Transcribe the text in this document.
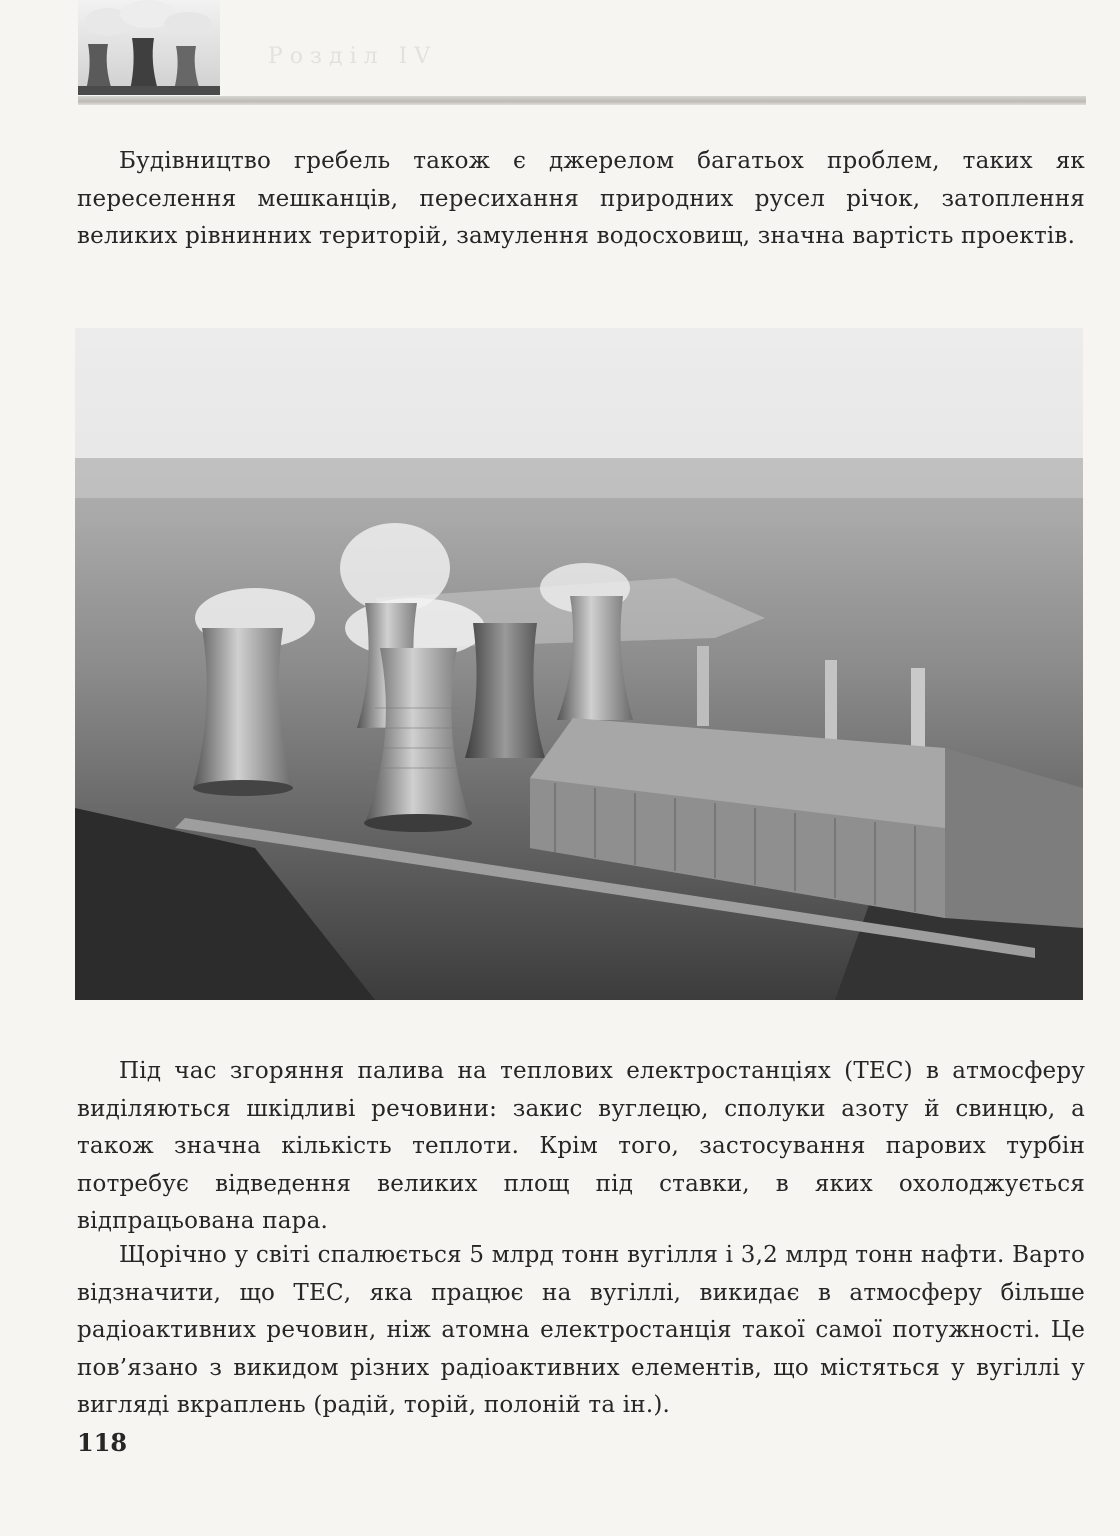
Розділ IV

Будівництво гребель також є джерелом багатьох проблем, таких як переселення мешканців, пересихання природних русел річок, затоплення великих рівнинних територій, замулення водосховищ, значна вартість проектів.

Під час згоряння палива на теплових електростанціях (ТЕС) в атмосферу виділяються шкідливі речовини: закис вуглецю, сполуки азоту й свинцю, а також значна кількість теплоти. Крім того, застосування парових турбін потребує відведення великих площ під ставки, в яких охолоджується відпрацьована пара.

Щорічно у світі спалюється 5 млрд тонн вугілля і 3,2 млрд тонн нафти. Варто відзначити, що ТЕС, яка працює на вугіллі, викидає в атмосферу більше радіоактивних речовин, ніж атомна електростанція такої самої потужності. Це пов’язано з викидом різних радіоактивних елементів, що містяться у вугіллі у вигляді вкраплень (радій, торій, полоній та ін.).

118
